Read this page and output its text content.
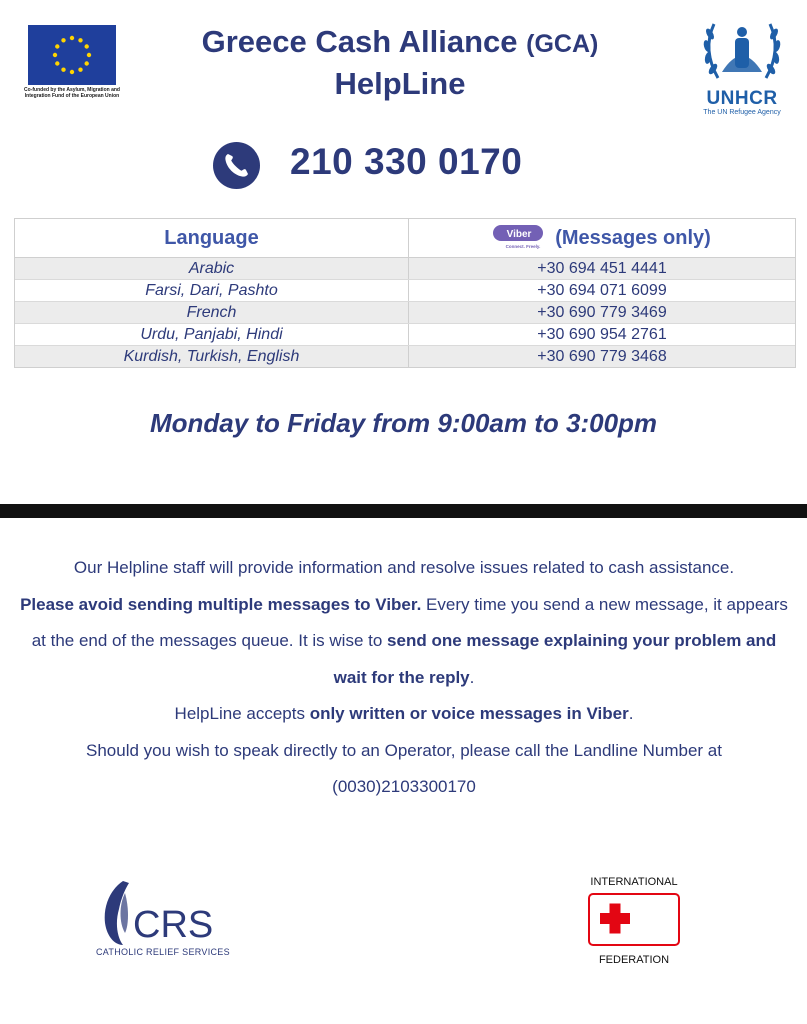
Co-funded by the Asylum, Migration and Integration Fund of the European Union
Greece Cash Alliance (GCA)
HelpLine	UNHCR
The UN Refugee Agency
210 330 0170
Language	Viber
Connect. Freely. (Messages only)
Arabic	+30 694 451 4441
Farsi, Dari, Pashto	+30 694 071 6099
French	+30 690 779 3469
Urdu, Panjabi, Hindi	+30 690 954 2761
Kurdish, Turkish, English	+30 690 779 3468
Monday to Friday from 9:00am to 3:00pm

Our Helpline staff will provide information and resolve issues related to cash assistance.

Please avoid sending multiple messages to Viber. Every time you send a new message, it appears at the end of the messages queue. It is wise to send one message explaining your problem and wait for the reply.

HelpLine accepts only written or voice messages in Viber.

Should you wish to speak directly to an Operator, please call the Landline Number at (0030)2103300170

CRS
CATHOLIC RELIEF SERVICES
INTERNATIONAL
FEDERATION
